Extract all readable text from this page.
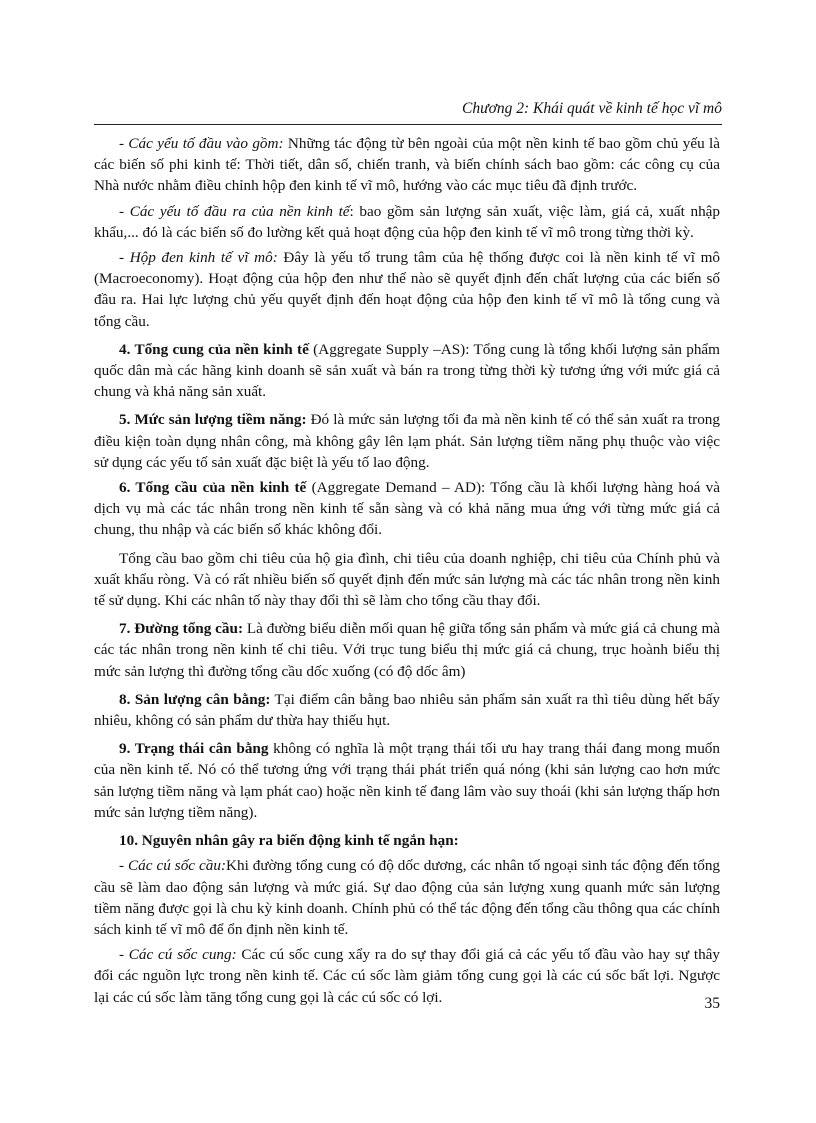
Chương 2: Khái quát về kinh tế học vĩ mô

- Các yếu tố đầu vào gồm: Những tác động từ bên ngoài của một nền kinh tế bao gồm chủ yếu là các biến số phi kinh tế: Thời tiết, dân số, chiến tranh, và biến chính sách bao gồm: các công cụ của Nhà nước nhằm điều chỉnh hộp đen kinh tế vĩ mô, hướng vào các mục tiêu đã định trước.

- Các yếu tố đầu ra của nền kinh tế: bao gồm sản lượng sản xuất, việc làm, giá cả, xuất nhập khẩu,... đó là các biến số đo lường kết quả hoạt động của hộp đen kinh tế vĩ mô trong từng thời kỳ.

- Hộp đen kinh tế vĩ mô: Đây là yếu tố trung tâm của hệ thống được coi là nền kinh tế vĩ mô (Macroeconomy). Hoạt động của hộp đen như thế nào sẽ quyết định đến chất lượng của các biến số đầu ra. Hai lực lượng chủ yếu quyết định đến hoạt động của hộp đen kinh tế vĩ mô là tổng cung và tổng cầu.

4. Tổng cung của nền kinh tế (Aggregate Supply –AS): Tổng cung là tổng khối lượng sản phẩm quốc dân mà các hãng kinh doanh sẽ sản xuất và bán ra trong từng thời kỳ tương ứng với mức giá cả chung và khả năng sản xuất.

5. Mức sản lượng tiềm năng: Đó là mức sản lượng tối đa mà nền kinh tế có thể sản xuất ra trong điều kiện toàn dụng nhân công, mà không gây lên lạm phát. Sản lượng tiềm năng phụ thuộc vào việc sử dụng các yếu tố sản xuất đặc biệt là yếu tố lao động.

6. Tổng cầu của nền kinh tế (Aggregate Demand – AD): Tổng cầu là khối lượng hàng hoá và dịch vụ mà các tác nhân trong nền kinh tế sẵn sàng và có khả năng mua ứng với từng mức giá cả chung, thu nhập và các biến số khác không đổi.

Tổng cầu bao gồm chi tiêu của hộ gia đình, chi tiêu của doanh nghiệp, chi tiêu của Chính phủ và xuất khẩu ròng. Và có rất nhiều biến số quyết định đến mức sản lượng mà các tác nhân trong nền kinh tế sử dụng. Khi các nhân tố này thay đổi thì sẽ làm cho tổng cầu thay đổi.

7. Đường tổng cầu: Là đường biểu diễn mối quan hệ giữa tổng sản phẩm và mức giá cả chung mà các tác nhân trong nền kinh tế chi tiêu. Với trục tung biểu thị mức giá cả chung, trục hoành biểu thị mức sản lượng thì đường tổng cầu dốc xuống (có độ dốc âm)

8. Sản lượng cân bằng: Tại điểm cân bằng bao nhiêu sản phẩm sản xuất ra thì tiêu dùng hết bấy nhiêu, không có sản phẩm dư thừa hay thiếu hụt.

9. Trạng thái cân bằng không có nghĩa là một trạng thái tối ưu hay trang thái đang mong muốn của nền kinh tế. Nó có thể tương ứng với trạng thái phát triển quá nóng (khi sản lượng cao hơn mức sản lượng tiềm năng và lạm phát cao) hoặc nền kinh tế đang lâm vào suy thoái (khi sản lượng thấp hơn mức sản lượng tiềm năng).

10. Nguyên nhân gây ra biến động kinh tế ngắn hạn:

- Các cú sốc cầu:Khi đường tổng cung có độ dốc dương, các nhân tố ngoại sinh tác động đến tổng cầu sẽ làm dao động sản lượng và mức giá. Sự dao động của sản lượng xung quanh mức sản lượng tiềm năng được gọi là chu kỳ kinh doanh. Chính phủ có thể tác động đến tổng cầu thông qua các chính sách kinh tế vĩ mô để ổn định nền kinh tế.

- Các cú sốc cung: Các cú sốc cung xẩy ra do sự thay đổi giá cả các yếu tố đầu vào hay sự thây đổi các nguồn lực trong nền kinh tế. Các cú sốc làm giảm tổng cung gọi là các cú sốc bất lợi. Ngược lại các cú sốc làm tăng tổng cung gọi là các cú sốc có lợi.	35
